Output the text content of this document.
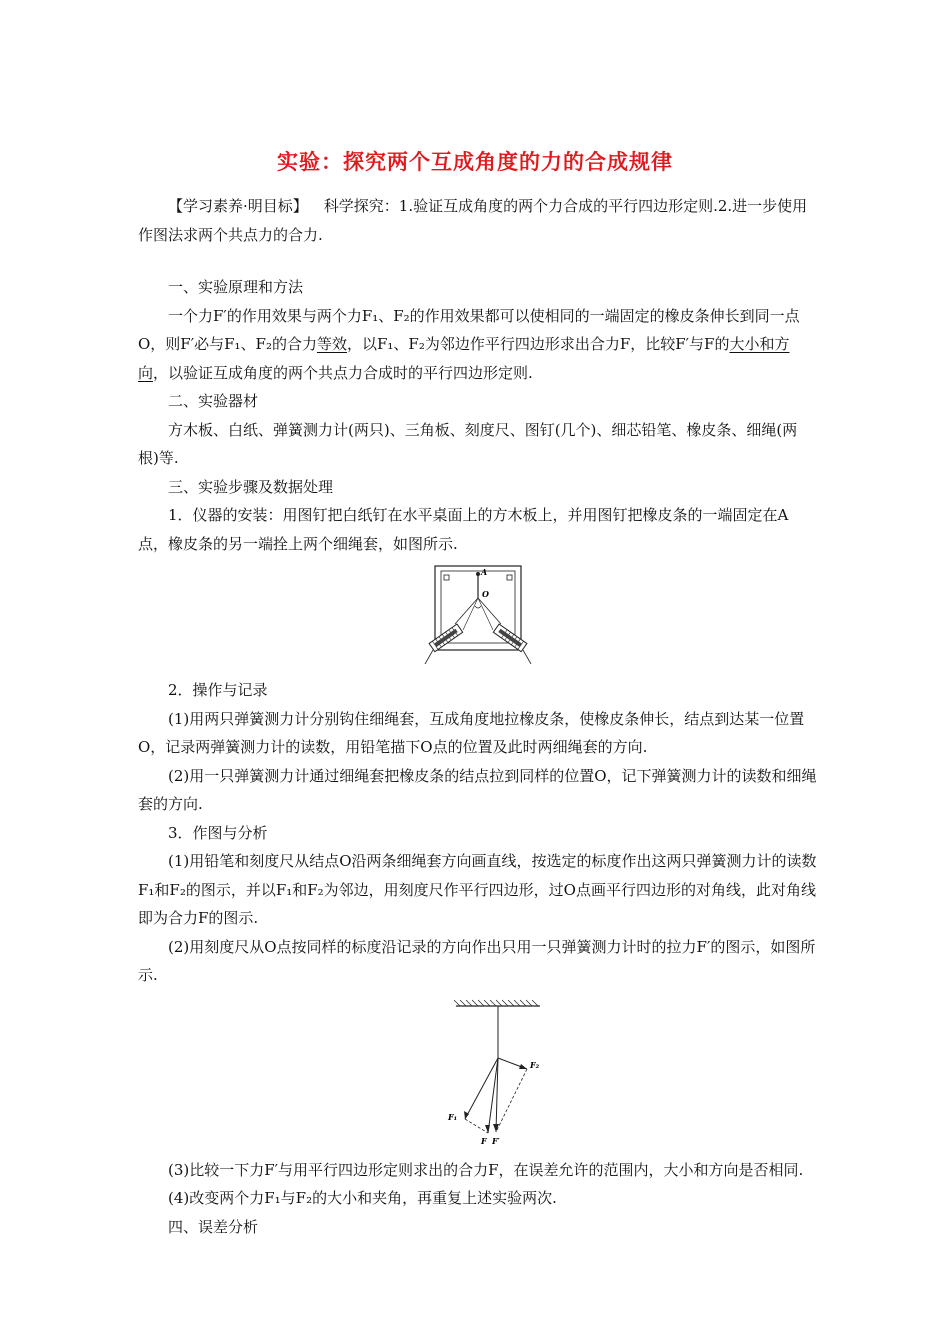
实验：探究两个互成角度的力的合成规律

【学习素养·明目标】 科学探究：1.验证互成角度的两个力合成的平行四边形定则.2.进一步使用作图法求两个共点力的合力.

一、实验原理和方法

一个力F′的作用效果与两个力F₁、F₂的作用效果都可以使相同的一端固定的橡皮条伸长到同一点O，则F′必与F₁、F₂的合力等效，以F₁、F₂为邻边作平行四边形求出合力F，比较F′与F的大小和方向，以验证互成角度的两个共点力合成时的平行四边形定则.

二、实验器材

方木板、白纸、弹簧测力计(两只)、三角板、刻度尺、图钉(几个)、细芯铅笔、橡皮条、细绳(两根)等.

三、实验步骤及数据处理

1．仪器的安装：用图钉把白纸钉在水平桌面上的方木板上，并用图钉把橡皮条的一端固定在A点，橡皮条的另一端拴上两个细绳套，如图所示.

A
O

2．操作与记录

(1)用两只弹簧测力计分别钩住细绳套，互成角度地拉橡皮条，使橡皮条伸长，结点到达某一位置O，记录两弹簧测力计的读数，用铅笔描下O点的位置及此时两细绳套的方向.

(2)用一只弹簧测力计通过细绳套把橡皮条的结点拉到同样的位置O，记下弹簧测力计的读数和细绳套的方向.

3．作图与分析

(1)用铅笔和刻度尺从结点O沿两条细绳套方向画直线，按选定的标度作出这两只弹簧测力计的读数F₁和F₂的图示，并以F₁和F₂为邻边，用刻度尺作平行四边形，过O点画平行四边形的对角线，此对角线即为合力F的图示.

(2)用刻度尺从O点按同样的标度沿记录的方向作出只用一只弹簧测力计时的拉力F′的图示，如图所示.

F₁
F₂
F F′

(3)比较一下力F′与用平行四边形定则求出的合力F，在误差允许的范围内，大小和方向是否相同.

(4)改变两个力F₁与F₂的大小和夹角，再重复上述实验两次.

四、误差分析
